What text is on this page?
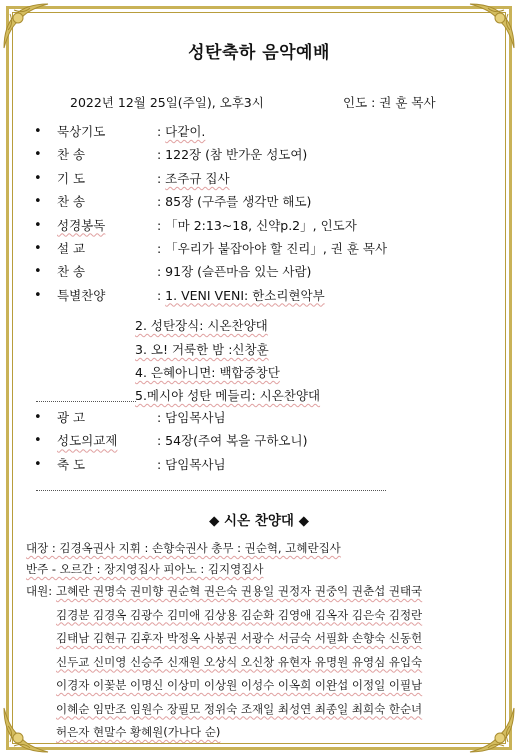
성탄축하 음악예배
2022년 12월 25일(주일), 오후3시	인도 : 권 훈 목사
• 묵상기도	: 다같이.
• 찬 송	: 122장 (참 반가운 성도여)
• 기 도	: 조주규 집사
• 찬 송	: 85장 (구주를 생각만 해도)
• 성경봉독	: 「마 2:13~18, 신약p.2」, 인도자
• 설 교	: 「우리가 붙잡아야 할 진리」, 권 훈 목사
• 찬 송	: 91장 (슬픈마음 있는 사람)
• 특별찬양	: 1. VENI VENI: 한소리현악부
2. 성탄장식: 시온찬양대
3. 오! 거룩한 밤 :신창훈
4. 은혜아니면: 백합중창단
5.메시야 성탄 메들리: 시온찬양대
• 광 고	: 담임목사님
• 성도의교제	: 54장(주여 복을 구하오니)
• 축 도	: 담임목사님
◆ 시온 찬양대 ◆
대장 : 김경옥권사 지휘 : 손향숙권사 총무 : 권순혁, 고혜란집사
반주 - 오르간 : 장지영집사 피아노 : 김지영집사
대원: 고혜란 권명숙 권미향 권순혁 권은숙 권용일 권정자 권중익 권춘섭 권태국
김경분 김경옥 김광수 김미애 김상용 김순화 김영애 김옥자 김은숙 김정란
김태남 김현규 김후자 박정옥 사봉권 서광수 서금숙 서필화 손향숙 신동헌
신두교 신미영 신승주 신재원 오상식 오신창 유현자 유명원 유영심 유입숙
이경자 이꽃분 이명신 이상미 이상원 이성수 이옥희 이완섭 이정일 이필남
이혜순 임만조 임원수 장필모 정위숙 조재일 최성연 최종일 최희숙 한순녀
허은자 현말수 황혜원(가나다 순)
